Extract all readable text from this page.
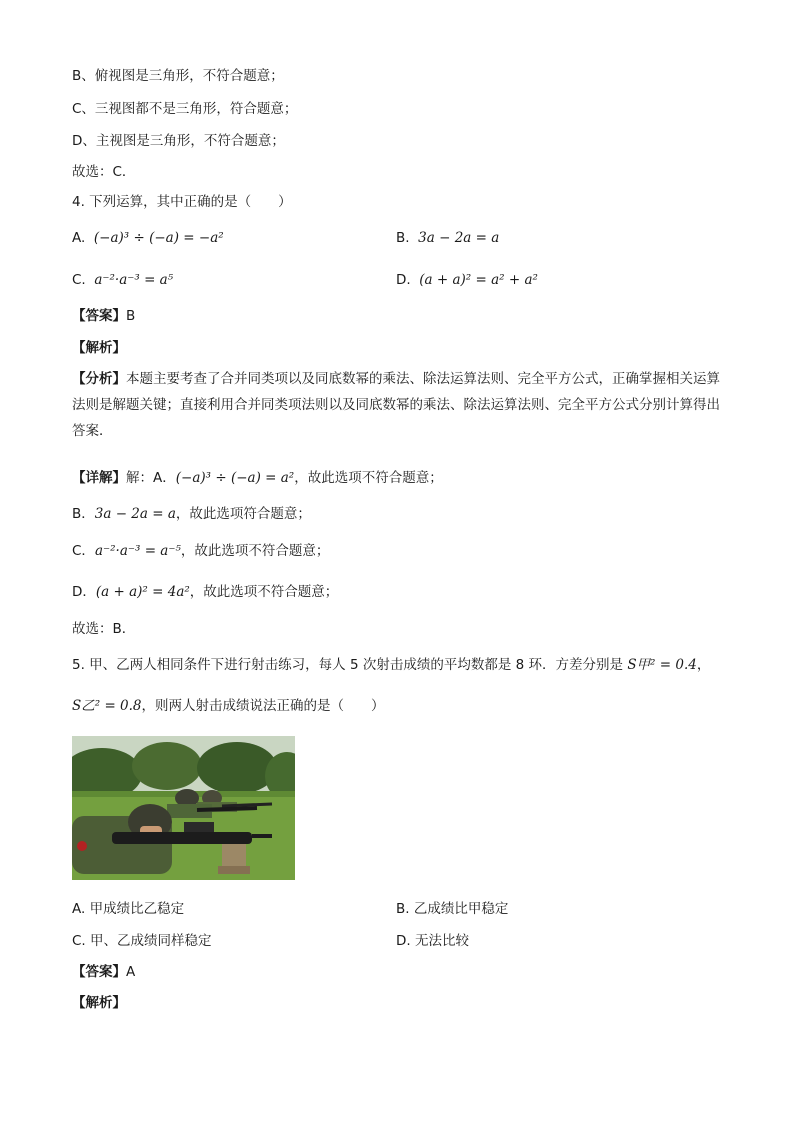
B、俯视图是三角形，不符合题意；
C、三视图都不是三角形，符合题意；
D、主视图是三角形，不符合题意；
故选：C．
4. 下列运算，其中正确的是（　　）
A. (−a)³ ÷ (−a) = −a²	B. 3a − 2a = a
C. a⁻²·a⁻³ = a⁵	D. (a + a)² = a² + a²
【答案】B
【解析】
【分析】本题主要考查了合并同类项以及同底数幂的乘法、除法运算法则、完全平方公式，正确掌握相关运算法则是解题关键；直接利用合并同类项法则以及同底数幂的乘法、除法运算法则、完全平方公式分别计算得出答案．
【详解】解：A．(−a)³ ÷ (−a) = a²，故此选项不符合题意；
B．3a − 2a = a，故此选项符合题意；
C．a⁻²·a⁻³ = a⁻⁵，故此选项不符合题意；
D．(a + a)² = 4a²，故此选项不符合题意；
故选：B．
5. 甲、乙两人相同条件下进行射击练习，每人 5 次射击成绩的平均数都是 8 环．方差分别是 S甲² = 0.4，
S乙² = 0.8，则两人射击成绩说法正确的是（　　）
A. 甲成绩比乙稳定	B. 乙成绩比甲稳定
C. 甲、乙成绩同样稳定	D. 无法比较
【答案】A
【解析】
